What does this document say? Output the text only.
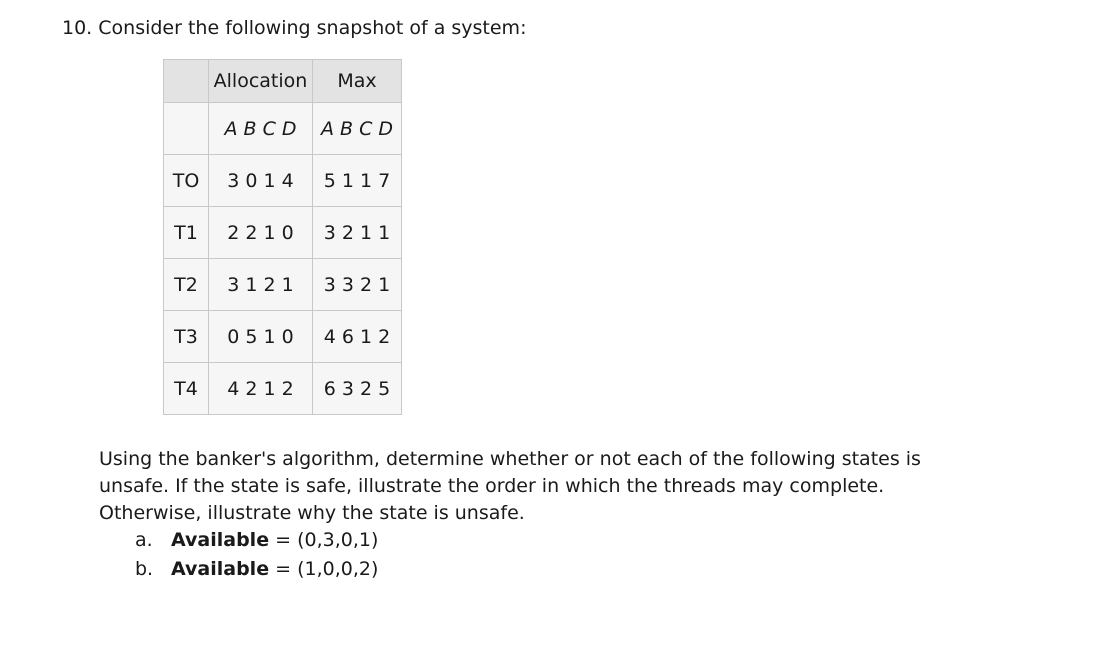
10. Consider the following snapshot of a system:
	Allocation	Max
	A B C D	A B C D
TO	3 0 1 4	5 1 1 7
T1	2 2 1 0	3 2 1 1
T2	3 1 2 1	3 3 2 1
T3	0 5 1 0	4 6 1 2
T4	4 2 1 2	6 3 2 5
Using the banker's algorithm, determine whether or not each of the following states is unsafe. If the state is safe, illustrate the order in which the threads may complete. Otherwise, illustrate why the state is unsafe.
a. Available = (0,3,0,1)
b. Available = (1,0,0,2)
